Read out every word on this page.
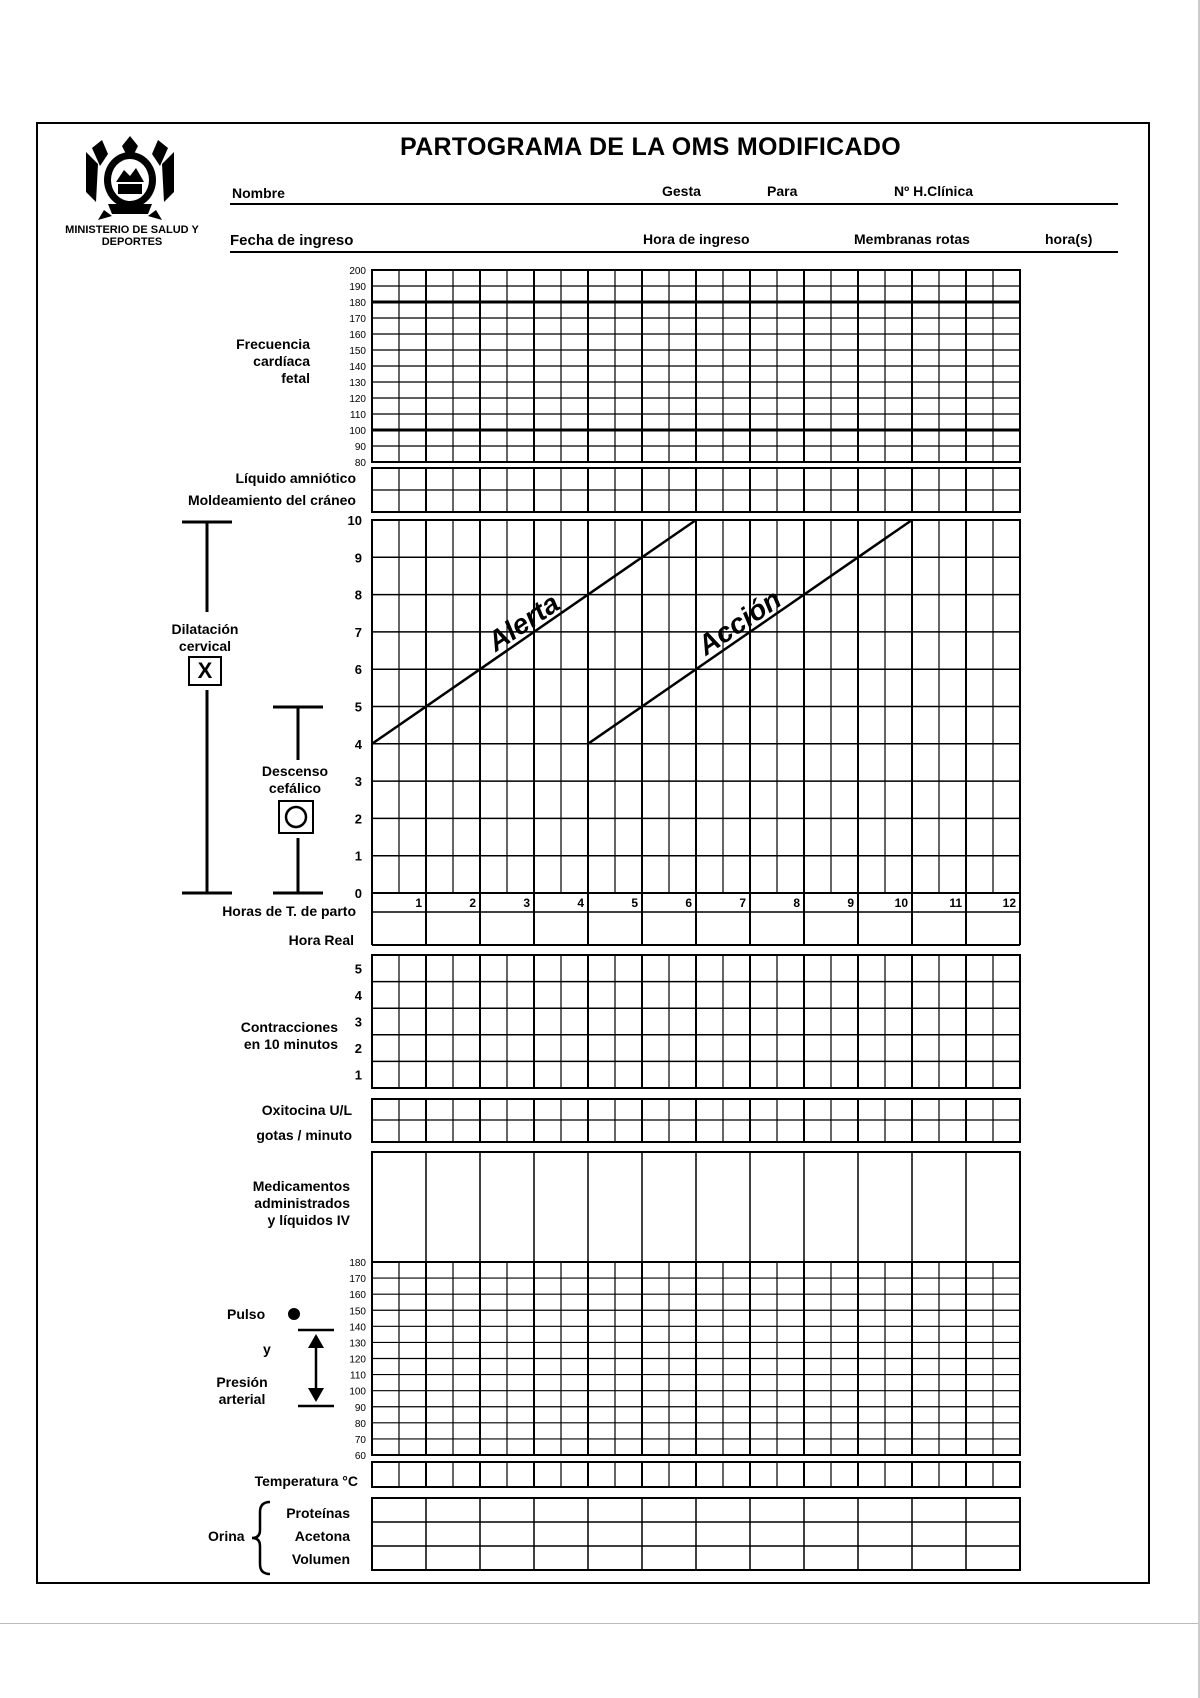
MINISTERIO DE SALUD Y DEPORTES
PARTOGRAMA DE LA OMS MODIFICADO
Nombre	Gesta	Para	Nº H.Clínica
Fecha de ingreso	Hora de ingreso	Membranas rotas	hora(s)
Frecuencia
cardíaca
fetal
Líquido amniótico
Moldeamiento del cráneo
Dilatación
cervical
X
Descenso
cefálico
Horas de T. de parto
Hora Real
Contracciones
en 10 minutos
Oxitocina U/L
gotas / minuto
Medicamentos
administrados
y líquidos IV
Pulso
y
Presión
arterial
Temperatura °C
Orina
Proteínas
Acetona
Volumen
200
190
180
170
160
150
140
130
120
110
100
90
80
10
9
8
7
6
5
4
3
2
1
0
Alerta	Acción
1	2	3	4	5	6	7	8	9	10	11	12
5
4
3
2
1
180
170
160
150
140
130
120
110
100
90
80
70
60
